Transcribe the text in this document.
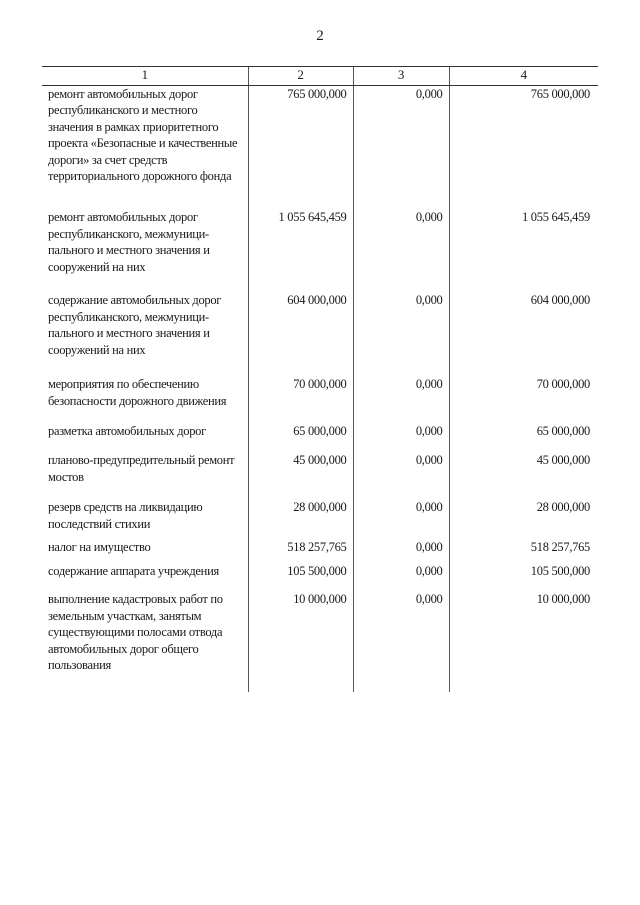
2
1	2	3	4
ремонт автомобильных дорог республиканского и местного значения в рамках приоритетного проекта «Безопасные и качественные дороги» за счет средств территориального дорожного фонда	765 000,000	0,000	765 000,000
ремонт автомобильных дорог республиканского, межмуници-пального и местного значения и сооружений на них	1 055 645,459	0,000	1 055 645,459
содержание автомобильных дорог республиканского, межмуници-пального и местного значения и сооружений на них	604 000,000	0,000	604 000,000
мероприятия по обеспечению безопасности дорожного движения	70 000,000	0,000	70 000,000
разметка автомобильных дорог	65 000,000	0,000	65 000,000
планово-предупредительный ремонт мостов	45 000,000	0,000	45 000,000
резерв средств на ликвидацию последствий стихии	28 000,000	0,000	28 000,000
налог на имущество	518 257,765	0,000	518 257,765
содержание аппарата учреждения	105 500,000	0,000	105 500,000
выполнение кадастровых работ по земельным участкам, занятым существующими полосами отвода автомобильных дорог общего пользования	10 000,000	0,000	10 000,000
